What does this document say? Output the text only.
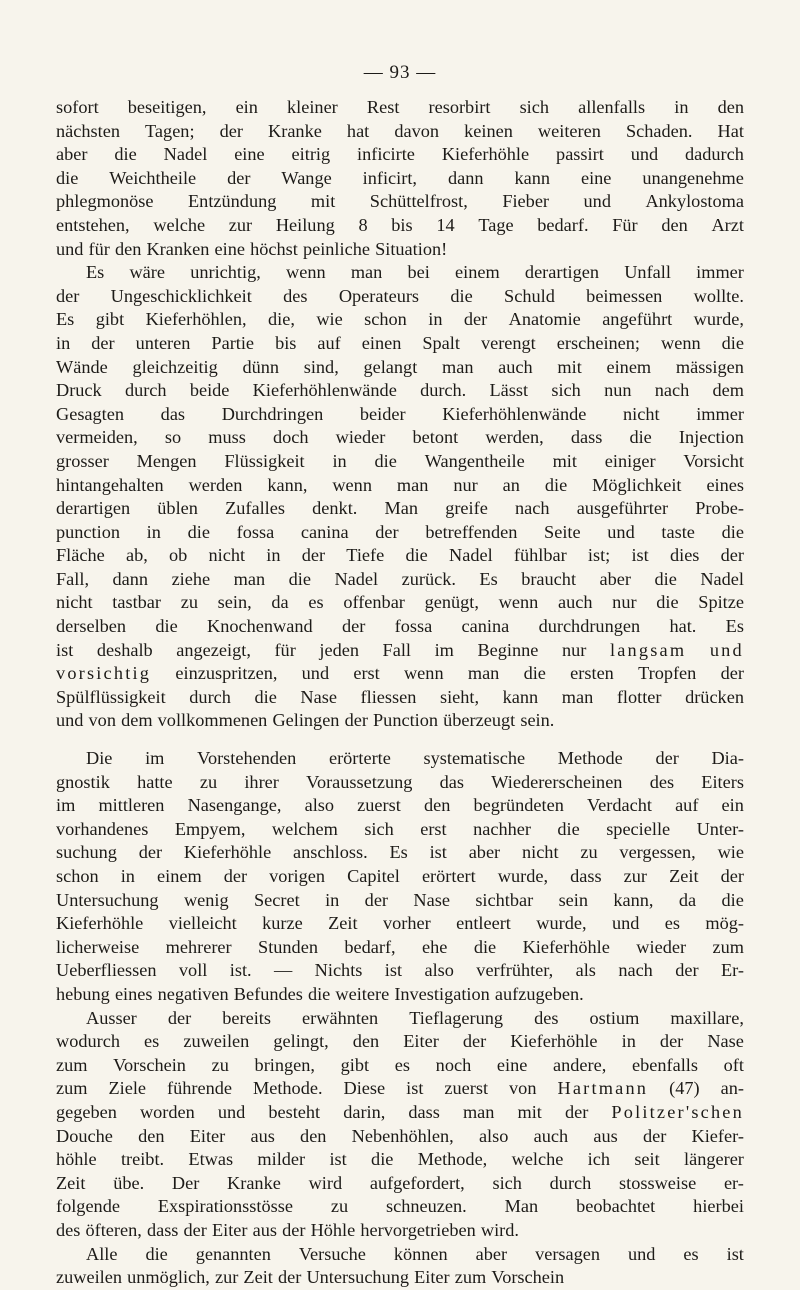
— 93 —
sofort beseitigen, ein kleiner Rest resorbirt sich allenfalls in den
nächsten Tagen; der Kranke hat davon keinen weiteren Schaden. Hat
aber die Nadel eine eitrig inficirte Kieferhöhle passirt und dadurch
die Weichtheile der Wange inficirt, dann kann eine unangenehme
phlegmonöse Entzündung mit Schüttelfrost, Fieber und Ankylostoma
entstehen, welche zur Heilung 8 bis 14 Tage bedarf. Für den Arzt
und für den Kranken eine höchst peinliche Situation!
Es wäre unrichtig, wenn man bei einem derartigen Unfall immer
der Ungeschicklichkeit des Operateurs die Schuld beimessen wollte.
Es gibt Kieferhöhlen, die, wie schon in der Anatomie angeführt wurde,
in der unteren Partie bis auf einen Spalt verengt erscheinen; wenn die
Wände gleichzeitig dünn sind, gelangt man auch mit einem mässigen
Druck durch beide Kieferhöhlenwände durch. Lässt sich nun nach dem
Gesagten das Durchdringen beider Kieferhöhlenwände nicht immer
vermeiden, so muss doch wieder betont werden, dass die Injection
grosser Mengen Flüssigkeit in die Wangentheile mit einiger Vorsicht
hintangehalten werden kann, wenn man nur an die Möglichkeit eines
derartigen üblen Zufalles denkt. Man greife nach ausgeführter Probe-
punction in die fossa canina der betreffenden Seite und taste die
Fläche ab, ob nicht in der Tiefe die Nadel fühlbar ist; ist dies der
Fall, dann ziehe man die Nadel zurück. Es braucht aber die Nadel
nicht tastbar zu sein, da es offenbar genügt, wenn auch nur die Spitze
derselben die Knochenwand der fossa canina durchdrungen hat. Es
ist deshalb angezeigt, für jeden Fall im Beginne nur langsam und
vorsichtig einzuspritzen, und erst wenn man die ersten Tropfen der
Spülflüssigkeit durch die Nase fliessen sieht, kann man flotter drücken
und von dem vollkommenen Gelingen der Punction überzeugt sein.
Die im Vorstehenden erörterte systematische Methode der Dia-
gnostik hatte zu ihrer Voraussetzung das Wiedererscheinen des Eiters
im mittleren Nasengange, also zuerst den begründeten Verdacht auf ein
vorhandenes Empyem, welchem sich erst nachher die specielle Unter-
suchung der Kieferhöhle anschloss. Es ist aber nicht zu vergessen, wie
schon in einem der vorigen Capitel erörtert wurde, dass zur Zeit der
Untersuchung wenig Secret in der Nase sichtbar sein kann, da die
Kieferhöhle vielleicht kurze Zeit vorher entleert wurde, und es mög-
licherweise mehrerer Stunden bedarf, ehe die Kieferhöhle wieder zum
Ueberfliessen voll ist. — Nichts ist also verfrühter, als nach der Er-
hebung eines negativen Befundes die weitere Investigation aufzugeben.
Ausser der bereits erwähnten Tieflagerung des ostium maxillare,
wodurch es zuweilen gelingt, den Eiter der Kieferhöhle in der Nase
zum Vorschein zu bringen, gibt es noch eine andere, ebenfalls oft
zum Ziele führende Methode. Diese ist zuerst von Hartmann (47) an-
gegeben worden und besteht darin, dass man mit der Politzer'schen
Douche den Eiter aus den Nebenhöhlen, also auch aus der Kiefer-
höhle treibt. Etwas milder ist die Methode, welche ich seit längerer
Zeit übe. Der Kranke wird aufgefordert, sich durch stossweise er-
folgende Exspirationsstösse zu schneuzen. Man beobachtet hierbei
des öfteren, dass der Eiter aus der Höhle hervorgetrieben wird.
Alle die genannten Versuche können aber versagen und es ist
zuweilen unmöglich, zur Zeit der Untersuchung Eiter zum Vorschein
